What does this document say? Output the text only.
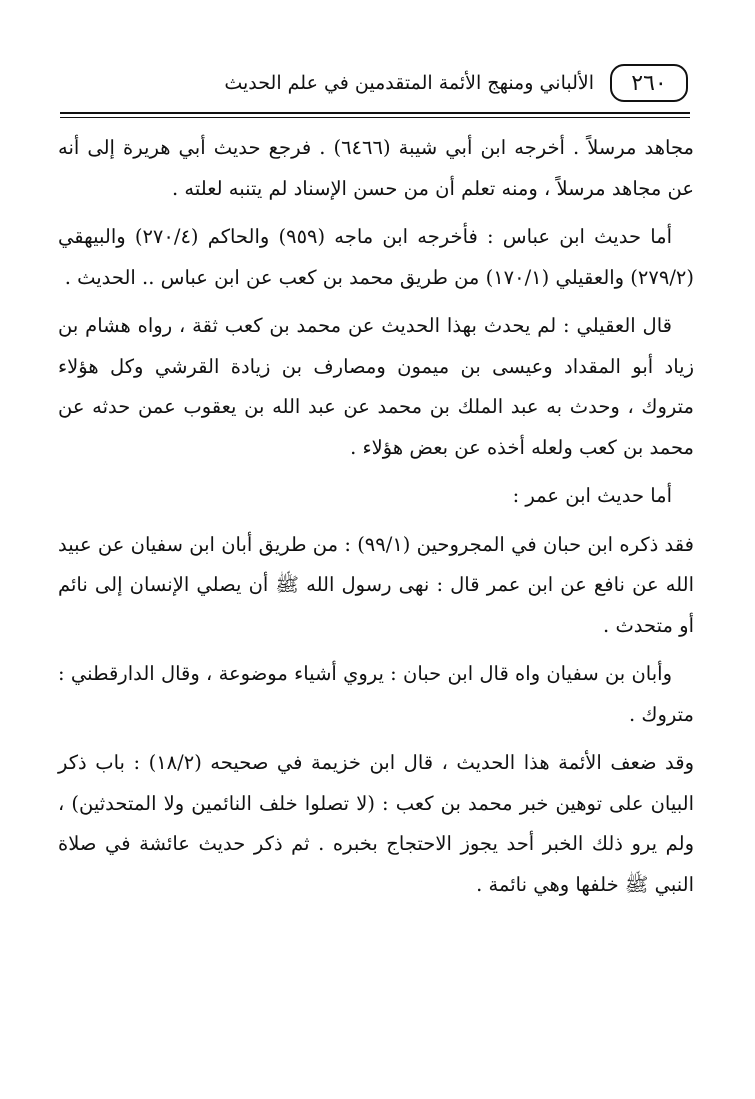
٢٦٠
الألباني ومنهج الأئمة المتقدمين في علم الحديث

مجاهد مرسلاً . أخرجه ابن أبي شيبة (٦٤٦٦) . فرجع حديث أبي هريرة إلى أنه عن مجاهد مرسلاً ، ومنه تعلم أن من حسن الإسناد لم يتنبه لعلته .

أما حديث ابن عباس : فأخرجه ابن ماجه (٩٥٩) والحاكم (٢٧٠/٤) والبيهقي (٢٧٩/٢) والعقيلي (١٧٠/١) من طريق محمد بن كعب عن ابن عباس .. الحديث .

قال العقيلي : لم يحدث بهذا الحديث عن محمد بن كعب ثقة ، رواه هشام بن زياد أبو المقداد وعيسى بن ميمون ومصارف بن زيادة القرشي وكل هؤلاء متروك ، وحدث به عبد الملك بن محمد عن عبد الله بن يعقوب عمن حدثه عن محمد بن كعب ولعله أخذه عن بعض هؤلاء .

أما حديث ابن عمر :

فقد ذكره ابن حبان في المجروحين (٩٩/١) : من طريق أبان ابن سفيان عن عبيد الله عن نافع عن ابن عمر قال : نهى رسول الله ﷺ أن يصلي الإنسان إلى نائم أو متحدث .

وأبان بن سفيان واه قال ابن حبان : يروي أشياء موضوعة ، وقال الدارقطني : متروك .

وقد ضعف الأئمة هذا الحديث ، قال ابن خزيمة في صحيحه (١٨/٢) : باب ذكر البيان على توهين خبر محمد بن كعب : (لا تصلوا خلف النائمين ولا المتحدثين) ، ولم يرو ذلك الخبر أحد يجوز الاحتجاج بخبره . ثم ذكر حديث عائشة في صلاة النبي ﷺ خلفها وهي نائمة .
